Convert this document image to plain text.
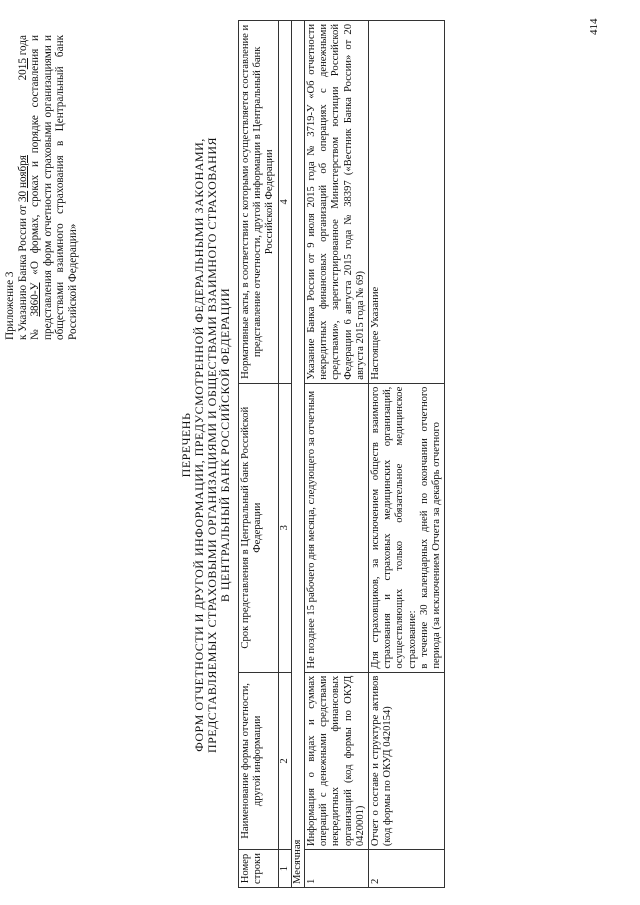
Приложение 3 к Указанию Банка России от 30 ноября
2015 года
№ 3860-У «О формах, сроках и порядке составления и представления форм отчетности страховыми организациями и обществами взаимного страхования в Центральный банк Российской Федерации»
ПЕРЕЧЕНЬ ФОРМ ОТЧЕТНОСТИ И ДРУГОЙ ИНФОРМАЦИИ, ПРЕДУСМОТРЕННОЙ ФЕДЕРАЛЬНЫМИ ЗАКОНАМИ, ПРЕДСТАВЛЯЕМЫХ СТРАХОВЫМИ ОРГАНИЗАЦИЯМИ И ОБЩЕСТВАМИ ВЗАИМНОГО СТРАХОВАНИЯ В ЦЕНТРАЛЬНЫЙ БАНК РОССИЙСКОЙ ФЕДЕРАЦИИ
Номер строки	Наименование формы отчетности, другой информации	Срок представления в Центральный банк Российской Федерации	Нормативные акты, в соответствии с которыми осуществляется составление и представление отчетности, другой информации в Центральный банк Российской Федерации
1	2	3	4
Месячная			
1	Информация о видах и суммах операций с денежными средствами некредитных финансовых организаций (код формы по ОКУД 0420001)	Не позднее 15 рабочего дня месяца, следующего за отчетным	Указание Банка России от 9 июля 2015 года № 3719-У «Об отчетности некредитных финансовых организаций об операциях с денежными средствами», зарегистрированное Министерством юстиции Российской Федерации 6 августа 2015 года № 38397 («Вестник Банка России» от 20 августа 2015 года № 69)
2	Отчет о составе и структуре активов (код формы по ОКУД 0420154)	Для страховщиков, за исключением обществ взаимного страхования и страховых медицинских организаций, осуществляющих только обязательное медицинское страхование: в течение 30 календарных дней по окончании отчетного периода (за исключением Отчета за декабрь отчетного	Настоящее Указание
414
